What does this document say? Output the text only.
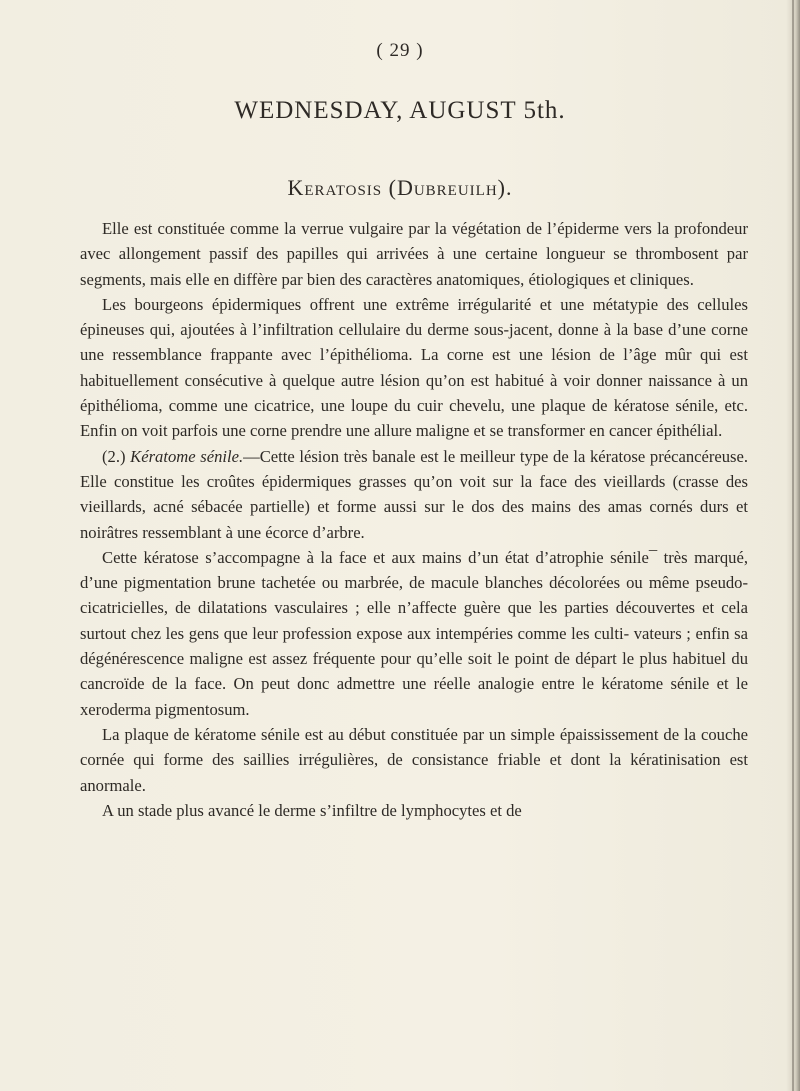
( 29 )
WEDNESDAY, AUGUST 5th.
Keratosis (Dubreuilh).

Elle est constituée comme la verrue vulgaire par la végétation de l’épiderme vers la profondeur avec allongement passif des papilles qui arrivées à une certaine longueur se thrombosent par segments, mais elle en diffère par bien des caractères anatomiques, étiologiques et cliniques.

Les bourgeons épidermiques offrent une extrême irrégularité et une métatypie des cellules épineuses qui, ajoutées à l’infiltration cellulaire du derme sous-jacent, donne à la base d’une corne une ressemblance frappante avec l’épithélioma. La corne est une lésion de l’âge mûr qui est habituellement consécutive à quelque autre lésion qu’on est habitué à voir donner naissance à un épithélioma, comme une cicatrice, une loupe du cuir chevelu, une plaque de kératose sénile, etc. Enfin on voit parfois une corne prendre une allure maligne et se transformer en cancer épithélial.

(2.) Kératome sénile.—Cette lésion très banale est le meilleur type de la kératose précancéreuse. Elle constitue les croûtes épidermiques grasses qu’on voit sur la face des vieillards (crasse des vieillards, acné sébacée partielle) et forme aussi sur le dos des mains des amas cornés durs et noirâtres ressemblant à une écorce d’arbre.

Cette kératose s’accompagne à la face et aux mains d’un état d’atrophie sénile¯ très marqué, d’une pigmentation brune tachetée ou marbrée, de macule blanches décolorées ou même pseudo-cicatricielles, de dilatations vasculaires ; elle n’affecte guère que les parties découvertes et cela surtout chez les gens que leur profession expose aux intempéries comme les culti- vateurs ; enfin sa dégénérescence maligne est assez fréquente pour qu’elle soit le point de départ le plus habituel du cancroïde de la face. On peut donc admettre une réelle analogie entre le kératome sénile et le xeroderma pigmentosum.

La plaque de kératome sénile est au début constituée par un simple épaississement de la couche cornée qui forme des saillies irrégulières, de consistance friable et dont la kératinisation est anormale.

A un stade plus avancé le derme s’infiltre de lymphocytes et de
